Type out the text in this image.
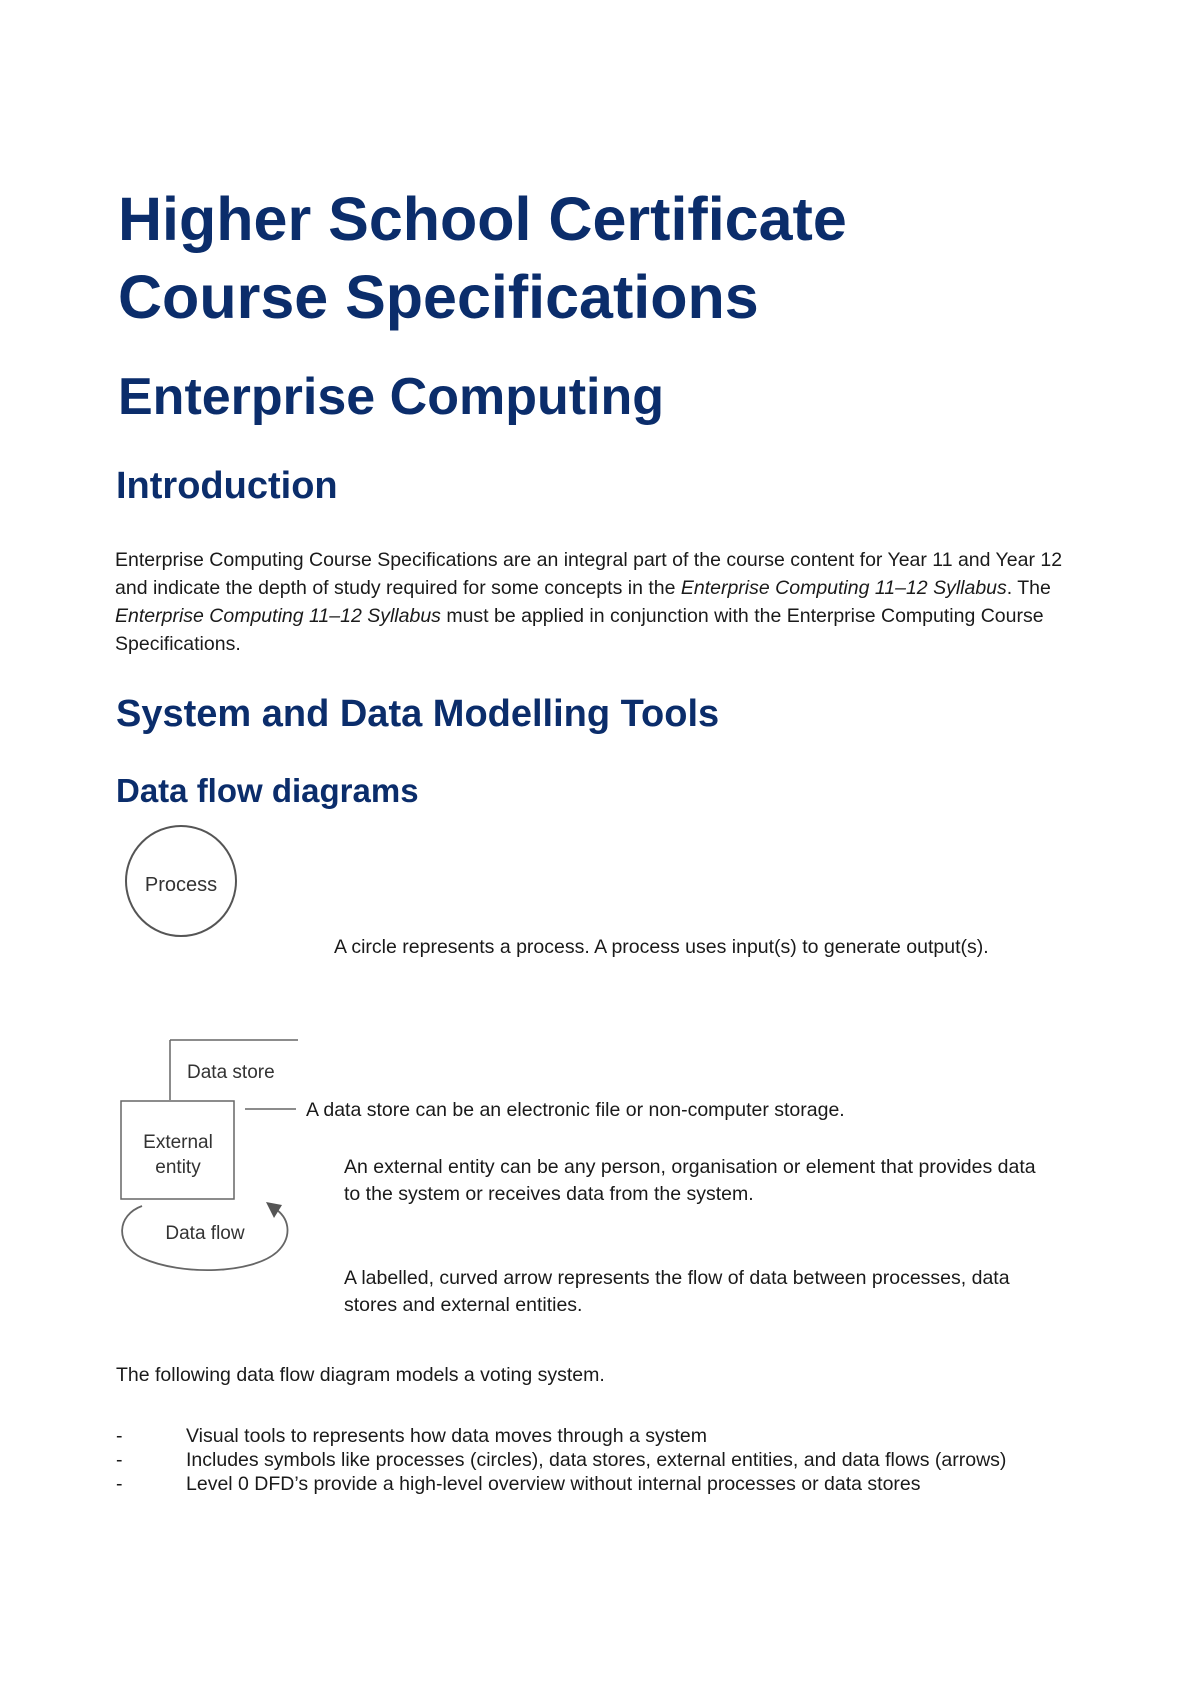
Higher School Certificate
Course Specifications
Enterprise Computing
Introduction

Enterprise Computing Course Specifications are an integral part of the course content for Year 11 and Year 12 and indicate the depth of study required for some concepts in the Enterprise Computing 11–12 Syllabus. The Enterprise Computing 11–12 Syllabus must be applied in conjunction with the Enterprise Computing Course Specifications.

System and Data Modelling Tools
Data flow diagrams
Process

A circle represents a process. A process uses input(s) to generate output(s).

Data store
External
entity
Data flow

A data store can be an electronic file or non-computer storage.

An external entity can be any person, organisation or element that provides data
to the system or receives data from the system.

A labelled, curved arrow represents the flow of data between processes, data
stores and external entities.

The following data flow diagram models a voting system.

-	Visual tools to represents how data moves through a system
-	Includes symbols like processes (circles), data stores, external entities, and data flows (arrows)
-	Level 0 DFD’s provide a high-level overview without internal processes or data stores
